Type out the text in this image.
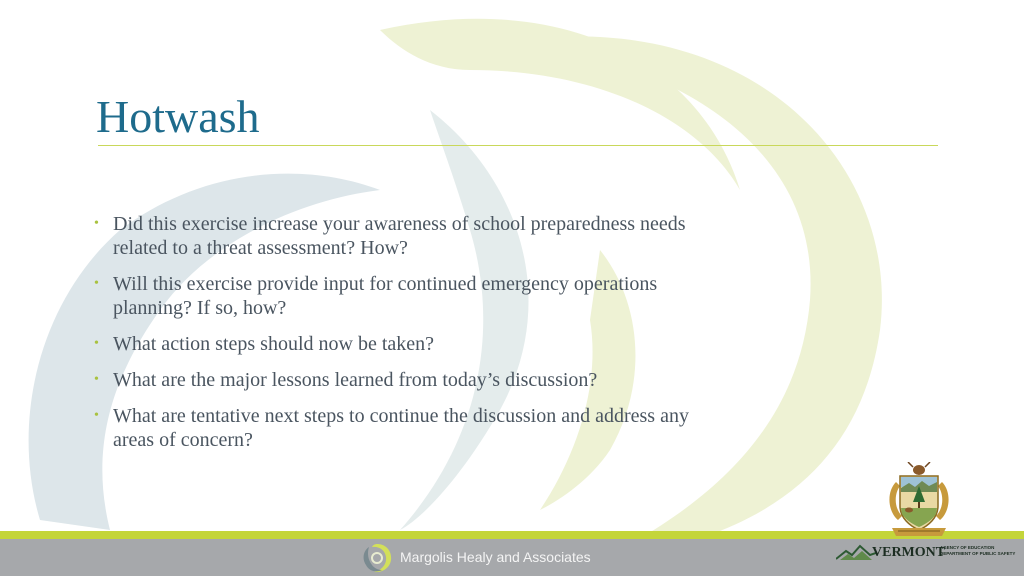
Hotwash
• Did this exercise increase your awareness of school preparedness needs related to a threat assessment? How?
• Will this exercise provide input for continued emergency operations planning? If so, how?
• What action steps should now be taken?
• What are the major lessons learned from today’s discussion?
• What are tentative next steps to continue the discussion and address any areas of concern?
Margolis Healy and Associates	VERMONT
AGENCY OF EDUCATION
DEPARTMENT OF PUBLIC SAFETY
